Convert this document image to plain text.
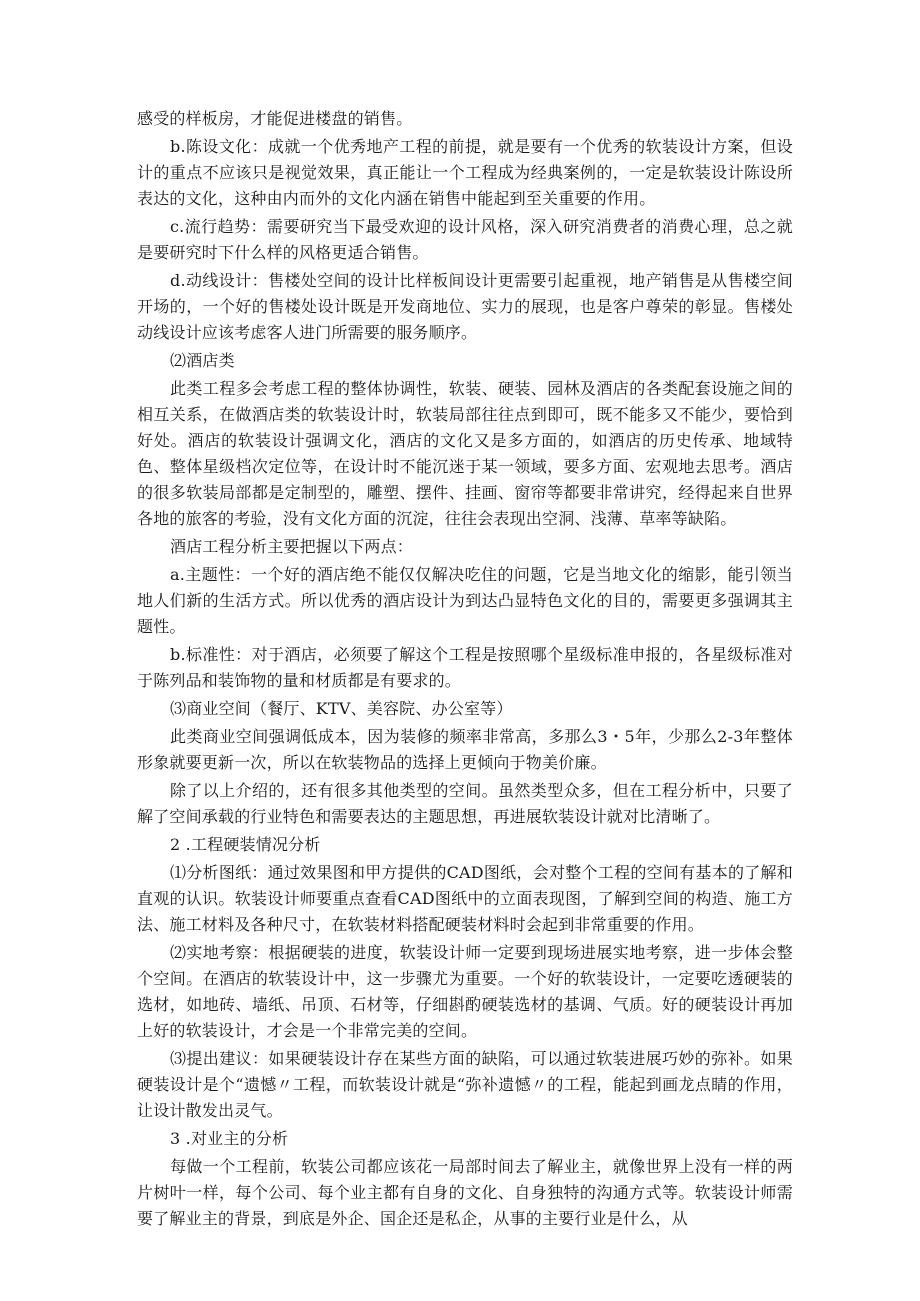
感受的样板房，才能促进楼盘的销售。

b.陈设文化：成就一个优秀地产工程的前提，就是要有一个优秀的软装设计方案，但设计的重点不应该只是视觉效果，真正能让一个工程成为经典案例的，一定是软装设计陈设所表达的文化，这种由内而外的文化内涵在销售中能起到至关重要的作用。

c.流行趋势：需要研究当下最受欢迎的设计风格，深入研究消费者的消费心理，总之就是要研究时下什么样的风格更适合销售。

d.动线设计：售楼处空间的设计比样板间设计更需要引起重视，地产销售是从售楼空间开场的，一个好的售楼处设计既是开发商地位、实力的展现，也是客户尊荣的彰显。售楼处动线设计应该考虑客人进门所需要的服务顺序。

⑵酒店类

此类工程多会考虑工程的整体协调性，软装、硬装、园林及酒店的各类配套设施之间的相互关系，在做酒店类的软装设计时，软装局部往往点到即可，既不能多又不能少，要恰到好处。酒店的软装设计强调文化，酒店的文化又是多方面的，如酒店的历史传承、地域特色、整体星级档次定位等，在设计时不能沉迷于某一领域，要多方面、宏观地去思考。酒店的很多软装局部都是定制型的，雕塑、摆件、挂画、窗帘等都要非常讲究，经得起来自世界各地的旅客的考验，没有文化方面的沉淀，往往会表现出空洞、浅薄、草率等缺陷。

酒店工程分析主要把握以下两点：

a.主题性：一个好的酒店绝不能仅仅解决吃住的问题，它是当地文化的缩影，能引领当地人们新的生活方式。所以优秀的酒店设计为到达凸显特色文化的目的，需要更多强调其主题性。

b.标准性：对于酒店，必须要了解这个工程是按照哪个星级标准申报的，各星级标准对于陈列品和装饰物的量和材质都是有要求的。

⑶商业空间（餐厅、KTV、美容院、办公室等）

此类商业空间强调低成本，因为装修的频率非常高，多那么3・5年，少那么2-3年整体形象就要更新一次，所以在软装物品的选择上更倾向于物美价廉。

除了以上介绍的，还有很多其他类型的空间。虽然类型众多，但在工程分析中，只要了解了空间承载的行业特色和需要表达的主题思想，再进展软装设计就对比清晰了。

2 .工程硬装情况分析

⑴分析图纸：通过效果图和甲方提供的CAD图纸，会对整个工程的空间有基本的了解和直观的认识。软装设计师要重点查看CAD图纸中的立面表现图，了解到空间的构造、施工方法、施工材料及各种尺寸，在软装材料搭配硬装材料时会起到非常重要的作用。

⑵实地考察：根据硬装的进度，软装设计师一定要到现场进展实地考察，进一步体会整个空间。在酒店的软装设计中，这一步骤尤为重要。一个好的软装设计，一定要吃透硬装的选材，如地砖、墙纸、吊顶、石材等，仔细斟酌硬装选材的基调、气质。好的硬装设计再加上好的软装设计，才会是一个非常完美的空间。

⑶提出建议：如果硬装设计存在某些方面的缺陷，可以通过软装进展巧妙的弥补。如果硬装设计是个“遗憾〃工程，而软装设计就是“弥补遗憾〃的工程，能起到画龙点睛的作用，让设计散发出灵气。

3 .对业主的分析

每做一个工程前，软装公司都应该花一局部时间去了解业主，就像世界上没有一样的两片树叶一样，每个公司、每个业主都有自身的文化、自身独特的沟通方式等。软装设计师需要了解业主的背景，到底是外企、国企还是私企，从事的主要行业是什么，从
